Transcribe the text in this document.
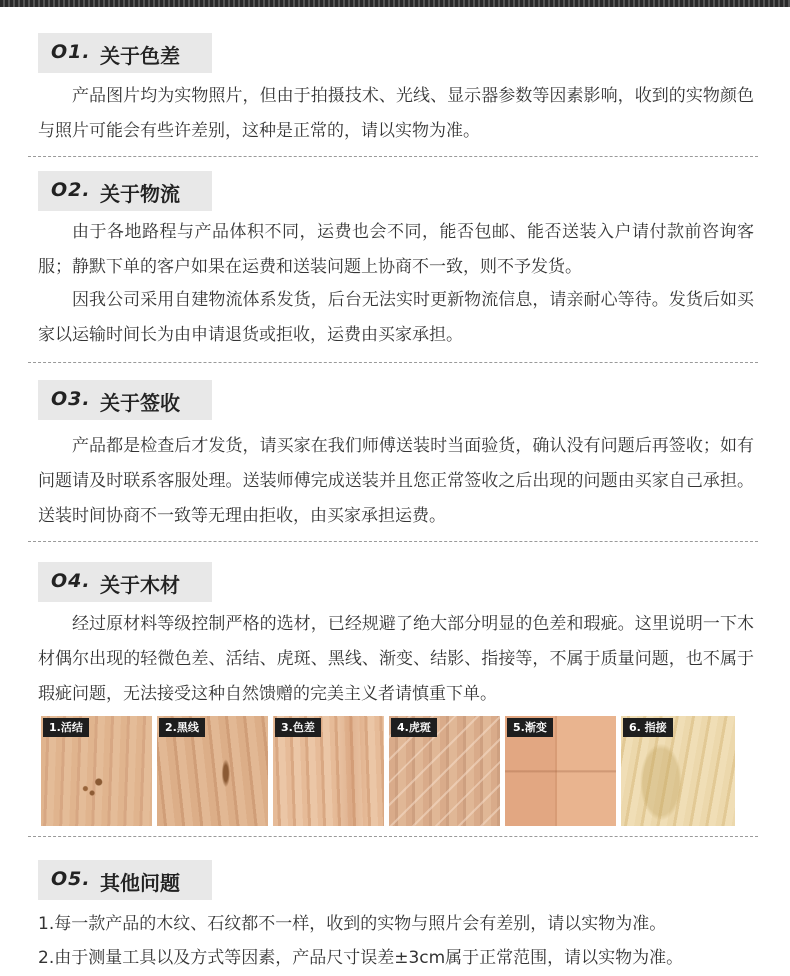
O1. 关于色差

产品图片均为实物照片，但由于拍摄技术、光线、显示器参数等因素影响，收到的实物颜色与照片可能会有些许差别，这种是正常的，请以实物为准。

O2. 关于物流

由于各地路程与产品体积不同，运费也会不同，能否包邮、能否送装入户请付款前咨询客服；静默下单的客户如果在运费和送装问题上协商不一致，则不予发货。

因我公司采用自建物流体系发货，后台无法实时更新物流信息，请亲耐心等待。发货后如买家以运输时间长为由申请退货或拒收，运费由买家承担。

O3. 关于签收

产品都是检查后才发货，请买家在我们师傅送装时当面验货，确认没有问题后再签收；如有问题请及时联系客服处理。送装师傅完成送装并且您正常签收之后出现的问题由买家自己承担。送装时间协商不一致等无理由拒收，由买家承担运费。

O4. 关于木材

经过原材料等级控制严格的选材，已经规避了绝大部分明显的色差和瑕疵。这里说明一下木材偶尔出现的轻微色差、活结、虎斑、黑线、渐变、结影、指接等，不属于质量问题，也不属于瑕疵问题，无法接受这种自然馈赠的完美主义者请慎重下单。

1.活结	2.黑线	3.色差	4.虎斑	5.渐变	6. 指接
O5. 其他问题

1.每一款产品的木纹、石纹都不一样，收到的实物与照片会有差别，请以实物为准。

2.由于测量工具以及方式等因素，产品尺寸误差±3cm属于正常范围，请以实物为准。
